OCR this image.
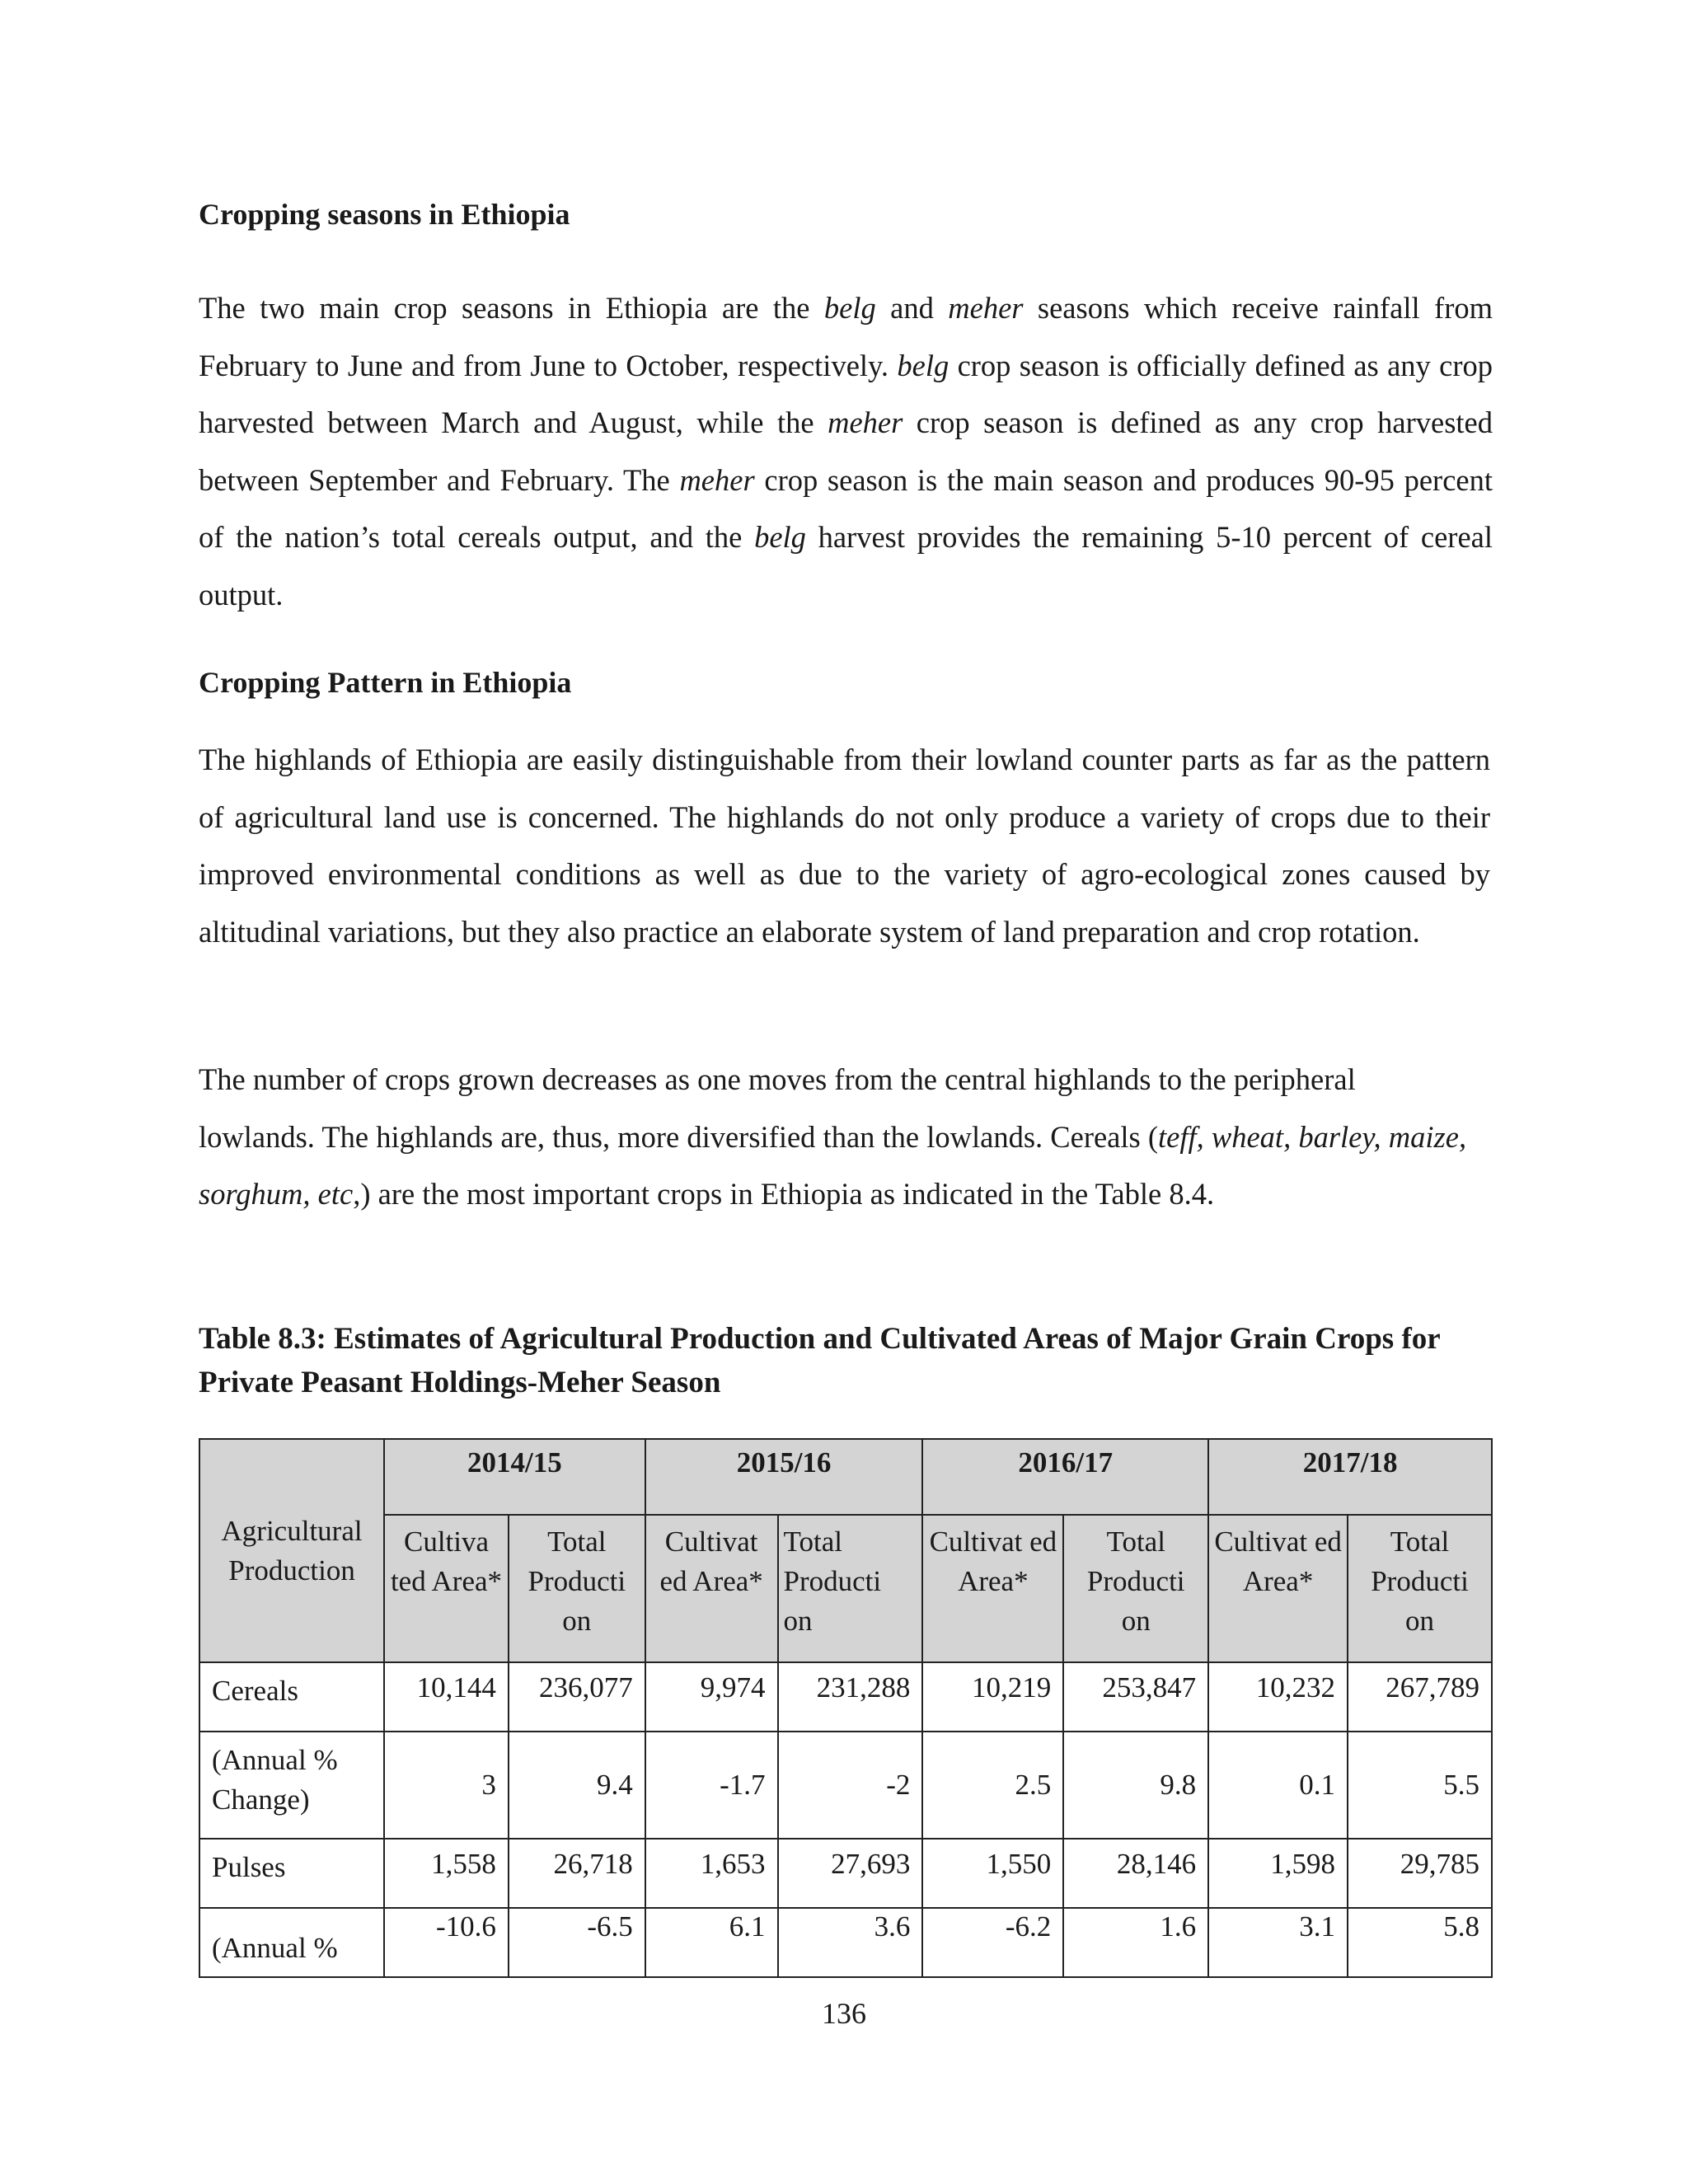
Cropping seasons in Ethiopia

The two main crop seasons in Ethiopia are the belg and meher seasons which receive rainfall from February to June and from June to October, respectively. belg crop season is officially defined as any crop harvested between March and August, while the meher crop season is defined as any crop harvested between September and February. The meher crop season is the main season and produces 90-95 percent of the nation’s total cereals output, and the belg harvest provides the remaining 5-10 percent of cereal output.

Cropping Pattern in Ethiopia

The highlands of Ethiopia are easily distinguishable from their lowland counter parts as far as the pattern of agricultural land use is concerned. The highlands do not only produce a variety of crops due to their improved environmental conditions as well as due to the variety of agro-ecological zones caused by altitudinal variations, but they also practice an elaborate system of land preparation and crop rotation.

The number of crops grown decreases as one moves from the central highlands to the peripheral lowlands. The highlands are, thus, more diversified than the lowlands. Cereals (teff, wheat, barley, maize, sorghum, etc,) are the most important crops in Ethiopia as indicated in the Table 8.4.

Table 8.3: Estimates of Agricultural Production and Cultivated Areas of Major Grain Crops for Private Peasant Holdings-Meher Season

Agricultural Production	2014/15		2015/16		2016/17		2017/18	
	Cultiva ted Area*	Total Producti on	Cultivat ed Area*	Total Producti on	Cultivat ed Area*	Total Producti on	Cultivat ed Area*	Total Producti on
Cereals	10,144	236,077	9,974	231,288	10,219	253,847	10,232	267,789
(Annual % Change)	3	9.4	-1.7	-2	2.5	9.8	0.1	5.5
Pulses	1,558	26,718	1,653	27,693	1,550	28,146	1,598	29,785
(Annual %	-10.6	-6.5	6.1	3.6	-6.2	1.6	3.1	5.8
136
